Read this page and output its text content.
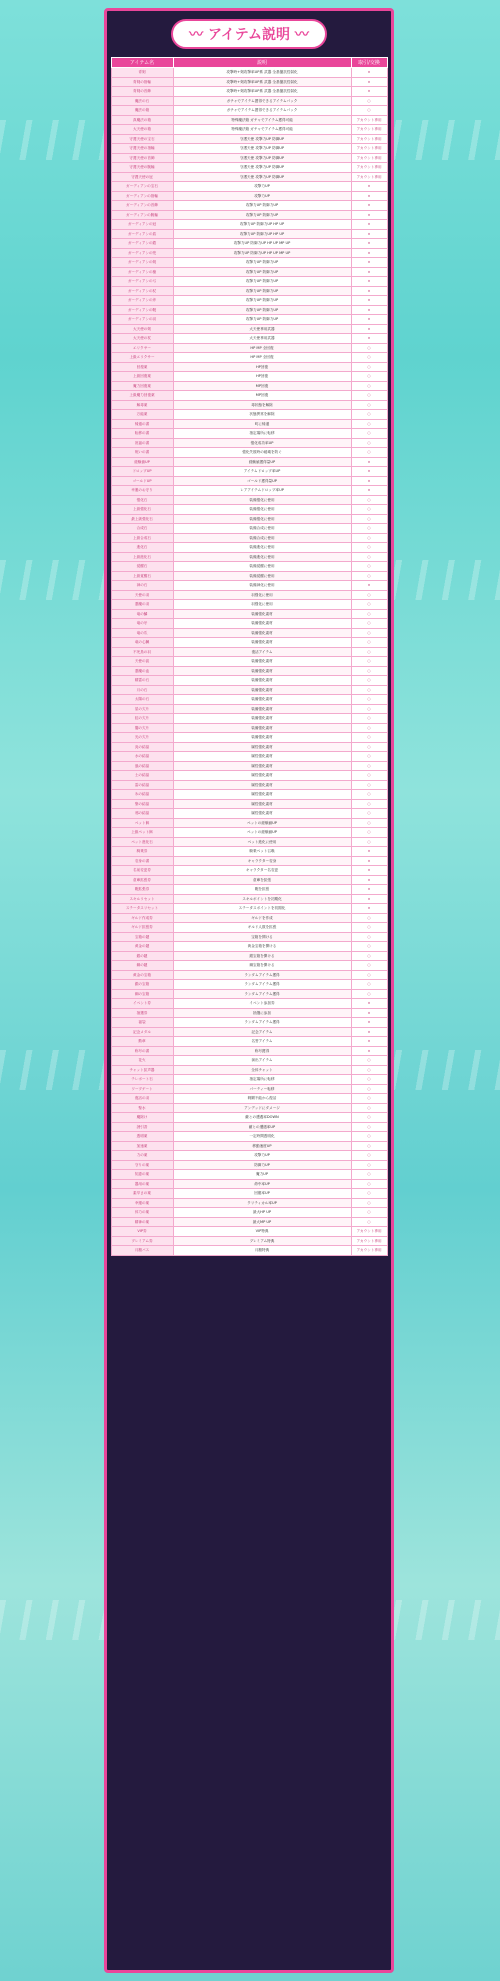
〰 アイテム説明 〰
アイテム名	説明	取引/交換
青剣	攻撃時+剣攻撃率UP系 武器 全基盤抗性弱化	×
青剣の指輪	攻撃時+剣攻撃率UP系 武器 全基盤抗性弱化	×
青剣の首飾	攻撃時+剣攻撃率UP系 武器 全基盤抗性弱化	×
魔法の石	ガチャでアイテム獲得できるアイテムパック	○
魔法の箱	ガチャでアイテム獲得できるアイテムパック	○
真魔法の箱	特殊魔法箱 ガチャでアイテム獲得可能	アカウント専用
大天使の箱	特殊魔法箱 ガチャでアイテム獲得可能	アカウント専用
守護天使の宝石	守護天使 攻撃力UP 防御UP	アカウント専用
守護天使の指輪	守護天使 攻撃力UP 防御UP	アカウント専用
守護天使の首飾	守護天使 攻撃力UP 防御UP	アカウント専用
守護天使の腕輪	守護天使 攻撃力UP 防御UP	アカウント専用
守護天使の冠	守護天使 攻撃力UP 防御UP	アカウント専用
ガーディアンの宝石	攻撃力UP	×
ガーディアンの指輪	攻撃力UP	×
ガーディアンの首飾	攻撃力UP 防御力UP	×
ガーディアンの腕輪	攻撃力UP 防御力UP	×
ガーディアンの冠	攻撃力UP 防御力UP HP UP	×
ガーディアンの盾	攻撃力UP 防御力UP HP UP	×
ガーディアンの鎧	攻撃力UP 防御力UP HP UP MP UP	×
ガーディアンの兜	攻撃力UP 防御力UP HP UP MP UP	×
ガーディアンの剣	攻撃力UP 防御力UP	×
ガーディアンの槍	攻撃力UP 防御力UP	×
ガーディアンの弓	攻撃力UP 防御力UP	×
ガーディアンの杖	攻撃力UP 防御力UP	×
ガーディアンの斧	攻撃力UP 防御力UP	×
ガーディアンの靴	攻撃力UP 防御力UP	×
ガーディアンの羽	攻撃力UP 防御力UP	×
大天使の剣	大天使専用武器	×
大天使の杖	大天使専用武器	×
エリクサー	HP MP 全回復	○
上級エリクサー	HP MP 全回復	○
回復薬	HP回復	○
上級回復薬	HP回復	○
魔力回復薬	MP回復	○
上級魔力回復薬	MP回復	○
解毒薬	毒状態を解除	○
万能薬	状態異常を解除	○
帰還の書	町に帰還	○
転移の書	指定場所に転移	○
祝福の書	強化成功率UP	○
呪いの書	強化失敗時の破壊を防ぐ	○
経験値UP	経験値獲得量UP	×
ドロップUP	アイテムドロップ率UP	×
ゴールドUP	ゴールド獲得量UP	×
幸運のお守り	レアアイテムドロップ率UP	×
強化石	装備強化に使用	○
上級強化石	装備強化に使用	○
最上級強化石	装備強化に使用	○
合成石	装備合成に使用	○
上級合成石	装備合成に使用	○
進化石	装備進化に使用	○
上級進化石	装備進化に使用	○
覚醒石	装備覚醒に使用	○
上級覚醒石	装備覚醒に使用	○
神の石	装備神化に使用	×
天使の羽	羽強化に使用	○
悪魔の羽	羽強化に使用	○
竜の鱗	装備強化素材	○
竜の牙	装備強化素材	○
竜の爪	装備強化素材	○
竜の心臓	装備強化素材	○
不死鳥の羽	復活アイテム	○
天使の涙	装備強化素材	○
悪魔の血	装備強化素材	○
精霊の石	装備強化素材	○
月の石	装備強化素材	○
太陽の石	装備強化素材	○
星の欠片	装備強化素材	○
虹の欠片	装備強化素材	○
闇の欠片	装備強化素材	○
光の欠片	装備強化素材	○
炎の結晶	属性強化素材	○
水の結晶	属性強化素材	○
風の結晶	属性強化素材	○
土の結晶	属性強化素材	○
雷の結晶	属性強化素材	○
氷の結晶	属性強化素材	○
聖の結晶	属性強化素材	○
邪の結晶	属性強化素材	○
ペット餌	ペットの経験値UP	○
上級ペット餌	ペットの経験値UP	○
ペット進化石	ペット進化に使用	○
騎乗券	騎乗ペット召喚	×
変身の書	キャラクター変身	×
名前変更券	キャラクター名変更	×
倉庫拡張券	倉庫を拡張	×
鞄拡張券	鞄を拡張	×
スキルリセット	スキルポイントを初期化	×
ステータスリセット	ステータスポイントを初期化	×
ギルド作成券	ギルドを作成	○
ギルド拡張券	ギルド人数を拡張	○
宝箱の鍵	宝箱を開ける	○
黄金の鍵	黄金宝箱を開ける	○
銀の鍵	銀宝箱を開ける	○
銅の鍵	銅宝箱を開ける	○
黄金の宝箱	ランダムアイテム獲得	○
銀の宝箱	ランダムアイテム獲得	○
銅の宝箱	ランダムアイテム獲得	○
イベント券	イベント参加券	×
抽選券	抽選に参加	×
福袋	ランダムアイテム獲得	×
記念メダル	記念アイテム	×
勲章	名誉アイテム	×
称号の書	称号獲得	×
花火	演出アイテム	○
チャット拡声器	全体チャット	○
テレポート石	指定場所に転移	○
ワープゲート	パーティー転移	○
復活の羽	戦闘不能から復活	○
聖水	アンデッドにダメージ	○
魔除け	敵との遭遇率DOWN	○
誘引香	敵との遭遇率UP	○
透明薬	一定時間透明化	○
加速薬	移動速度UP	○
力の薬	攻撃力UP	○
守りの薬	防御力UP	○
知恵の薬	魔力UP	○
器用の薬	命中率UP	○
素早さの薬	回避率UP	○
幸運の薬	クリティカル率UP	○
体力の薬	最大HP UP	○
精神の薬	最大MP UP	○
VIP券	VIP特典	アカウント専用
プレミアム券	プレミアム特典	アカウント専用
月額パス	月額特典	アカウント専用
